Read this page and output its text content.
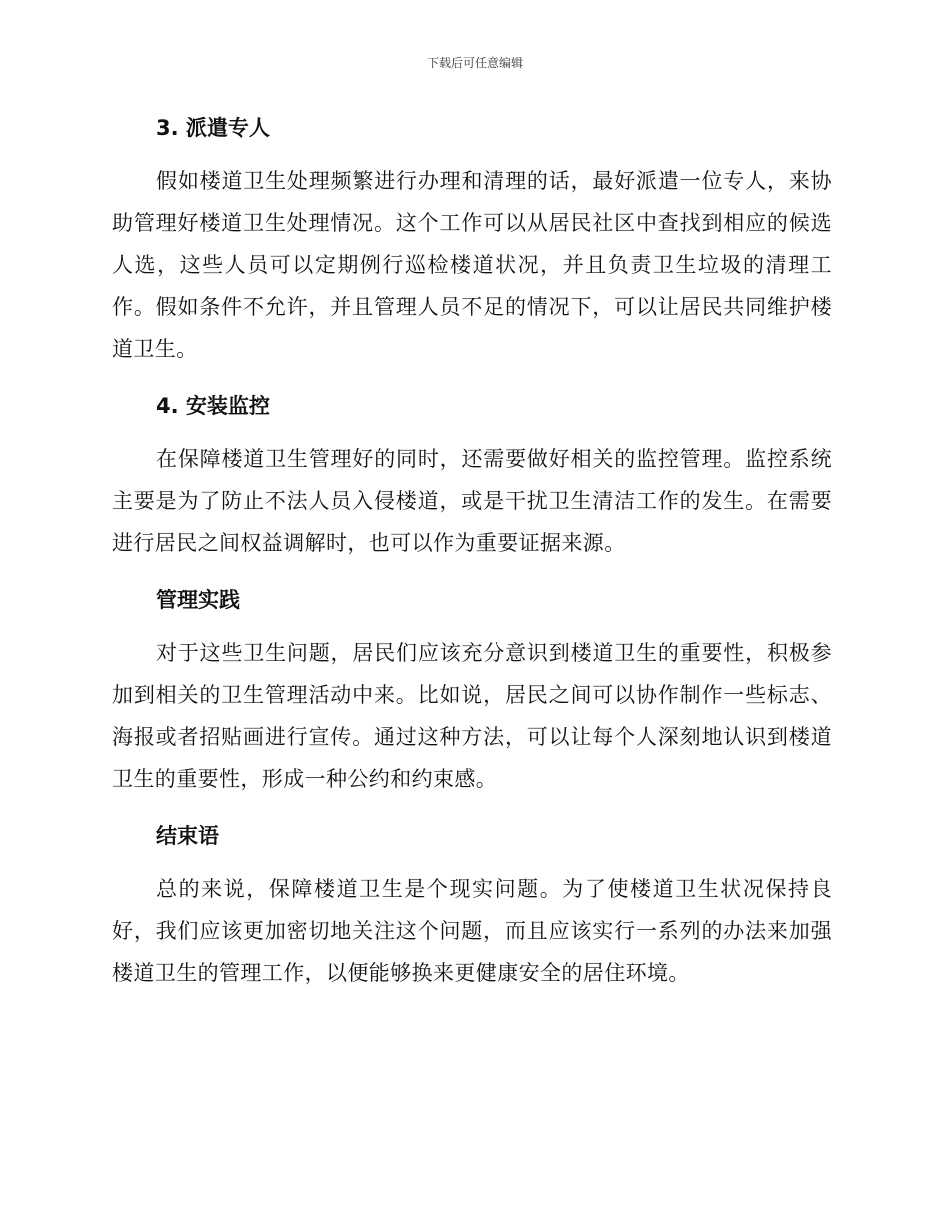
下载后可任意编辑
3. 派遣专人

假如楼道卫生处理频繁进行办理和清理的话，最好派遣一位专人，来协助管理好楼道卫生处理情况。这个工作可以从居民社区中查找到相应的候选人选，这些人员可以定期例行巡检楼道状况，并且负责卫生垃圾的清理工作。假如条件不允许，并且管理人员不足的情况下，可以让居民共同维护楼道卫生。

4. 安装监控

在保障楼道卫生管理好的同时，还需要做好相关的监控管理。监控系统主要是为了防止不法人员入侵楼道，或是干扰卫生清洁工作的发生。在需要进行居民之间权益调解时，也可以作为重要证据来源。

管理实践

对于这些卫生问题，居民们应该充分意识到楼道卫生的重要性，积极参加到相关的卫生管理活动中来。比如说，居民之间可以协作制作一些标志、海报或者招贴画进行宣传。通过这种方法，可以让每个人深刻地认识到楼道卫生的重要性，形成一种公约和约束感。

结束语

总的来说，保障楼道卫生是个现实问题。为了使楼道卫生状况保持良好，我们应该更加密切地关注这个问题，而且应该实行一系列的办法来加强楼道卫生的管理工作，以便能够换来更健康安全的居住环境。
